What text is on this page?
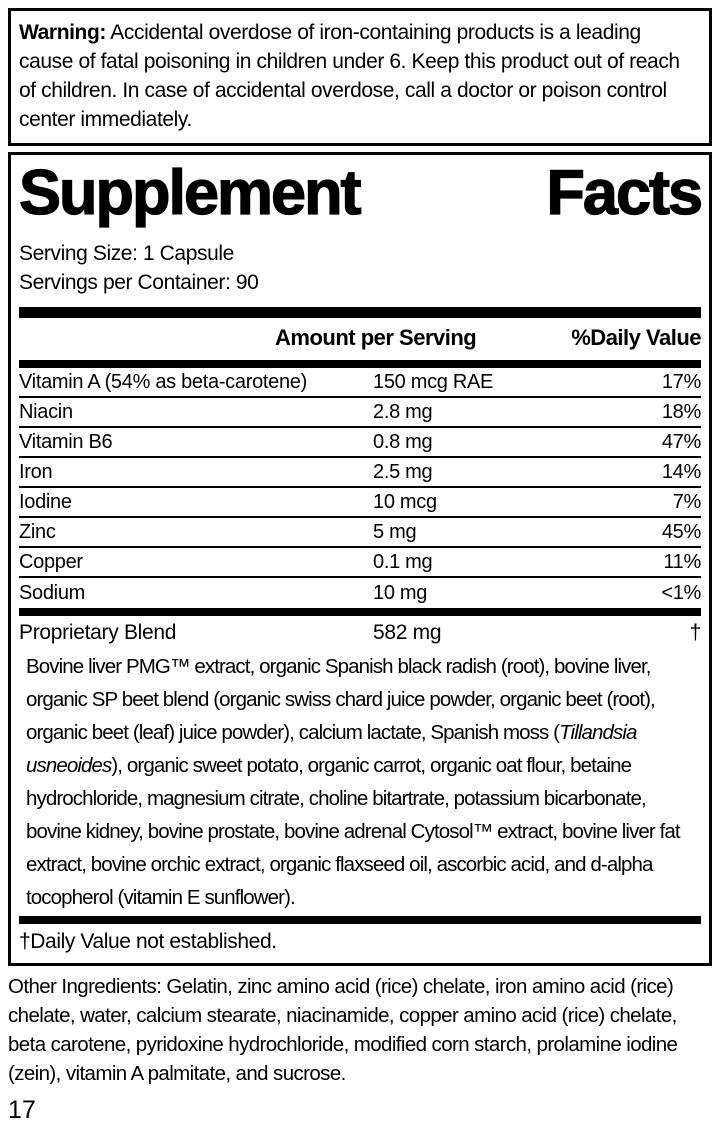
Warning: Accidental overdose of iron-containing products is a leading cause of fatal poisoning in children under 6. Keep this product out of reach of children. In case of accidental overdose, call a doctor or poison control center immediately.

Supplement	Facts
Serving Size: 1 Capsule
Servings per Container: 90
Amount per Serving	%Daily Value
Vitamin A (54% as beta-carotene)	150 mcg RAE	17%
Niacin	2.8 mg	18%
Vitamin B6	0.8 mg	47%
Iron	2.5 mg	14%
Iodine	10 mcg	7%
Zinc	5 mg	45%
Copper	0.1 mg	11%
Sodium	10 mg	<1%
Proprietary Blend	582 mg	†

Bovine liver PMG™ extract, organic Spanish black radish (root), bovine liver, organic SP beet blend (organic swiss chard juice powder, organic beet (root), organic beet (leaf) juice powder), calcium lactate, Spanish moss (Tillandsia usneoides), organic sweet potato, organic carrot, organic oat flour, betaine hydrochloride, magnesium citrate, choline bitartrate, potassium bicarbonate, bovine kidney, bovine prostate, bovine adrenal Cytosol™ extract, bovine liver fat extract, bovine orchic extract, organic flaxseed oil, ascorbic acid, and d-alpha tocopherol (vitamin E sunflower).

†Daily Value not established.

Other Ingredients: Gelatin, zinc amino acid (rice) chelate, iron amino acid (rice) chelate, water, calcium stearate, niacinamide, copper amino acid (rice) chelate, beta carotene, pyridoxine hydrochloride, modified corn starch, prolamine iodine (zein), vitamin A palmitate, and sucrose.

17
